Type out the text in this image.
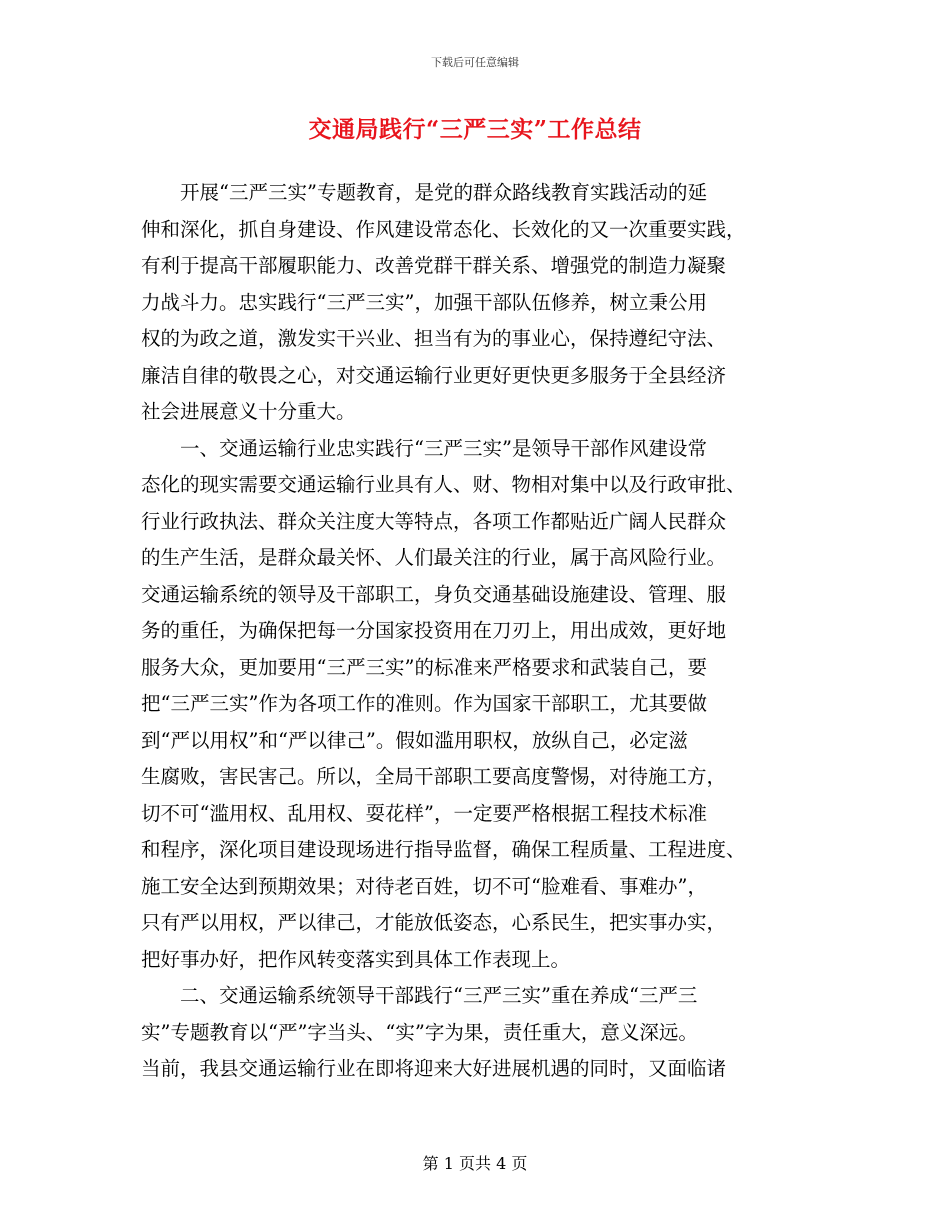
下载后可任意编辑
交通局践行“三严三实”工作总结
　　开展“三严三实”专题教育，是党的群众路线教育实践活动的延
伸和深化，抓自身建设、作风建设常态化、长效化的又一次重要实践，
有利于提高干部履职能力、改善党群干群关系、增强党的制造力凝聚
力战斗力。忠实践行“三严三实”，加强干部队伍修养，树立秉公用
权的为政之道，激发实干兴业、担当有为的事业心，保持遵纪守法、
廉洁自律的敬畏之心，对交通运输行业更好更快更多服务于全县经济
社会进展意义十分重大。
　　一、交通运输行业忠实践行“三严三实”是领导干部作风建设常
态化的现实需要交通运输行业具有人、财、物相对集中以及行政审批、
行业行政执法、群众关注度大等特点，各项工作都贴近广阔人民群众
的生产生活，是群众最关怀、人们最关注的行业，属于高风险行业。
交通运输系统的领导及干部职工，身负交通基础设施建设、管理、服
务的重任，为确保把每一分国家投资用在刀刃上，用出成效，更好地
服务大众，更加要用“三严三实”的标准来严格要求和武装自己，要
把“三严三实”作为各项工作的准则。作为国家干部职工，尤其要做
到“严以用权”和“严以律己”。假如滥用职权，放纵自己，必定滋
生腐败，害民害己。所以，全局干部职工要高度警惕，对待施工方，
切不可“滥用权、乱用权、耍花样”，一定要严格根据工程技术标准
和程序，深化项目建设现场进行指导监督，确保工程质量、工程进度、
施工安全达到预期效果；对待老百姓，切不可“脸难看、事难办”，
只有严以用权，严以律己，才能放低姿态，心系民生，把实事办实，
把好事办好，把作风转变落实到具体工作表现上。
　　二、交通运输系统领导干部践行“三严三实”重在养成“三严三
实”专题教育以“严”字当头、“实”字为果，责任重大，意义深远。
当前，我县交通运输行业在即将迎来大好进展机遇的同时，又面临诸
第 1 页共 4 页
